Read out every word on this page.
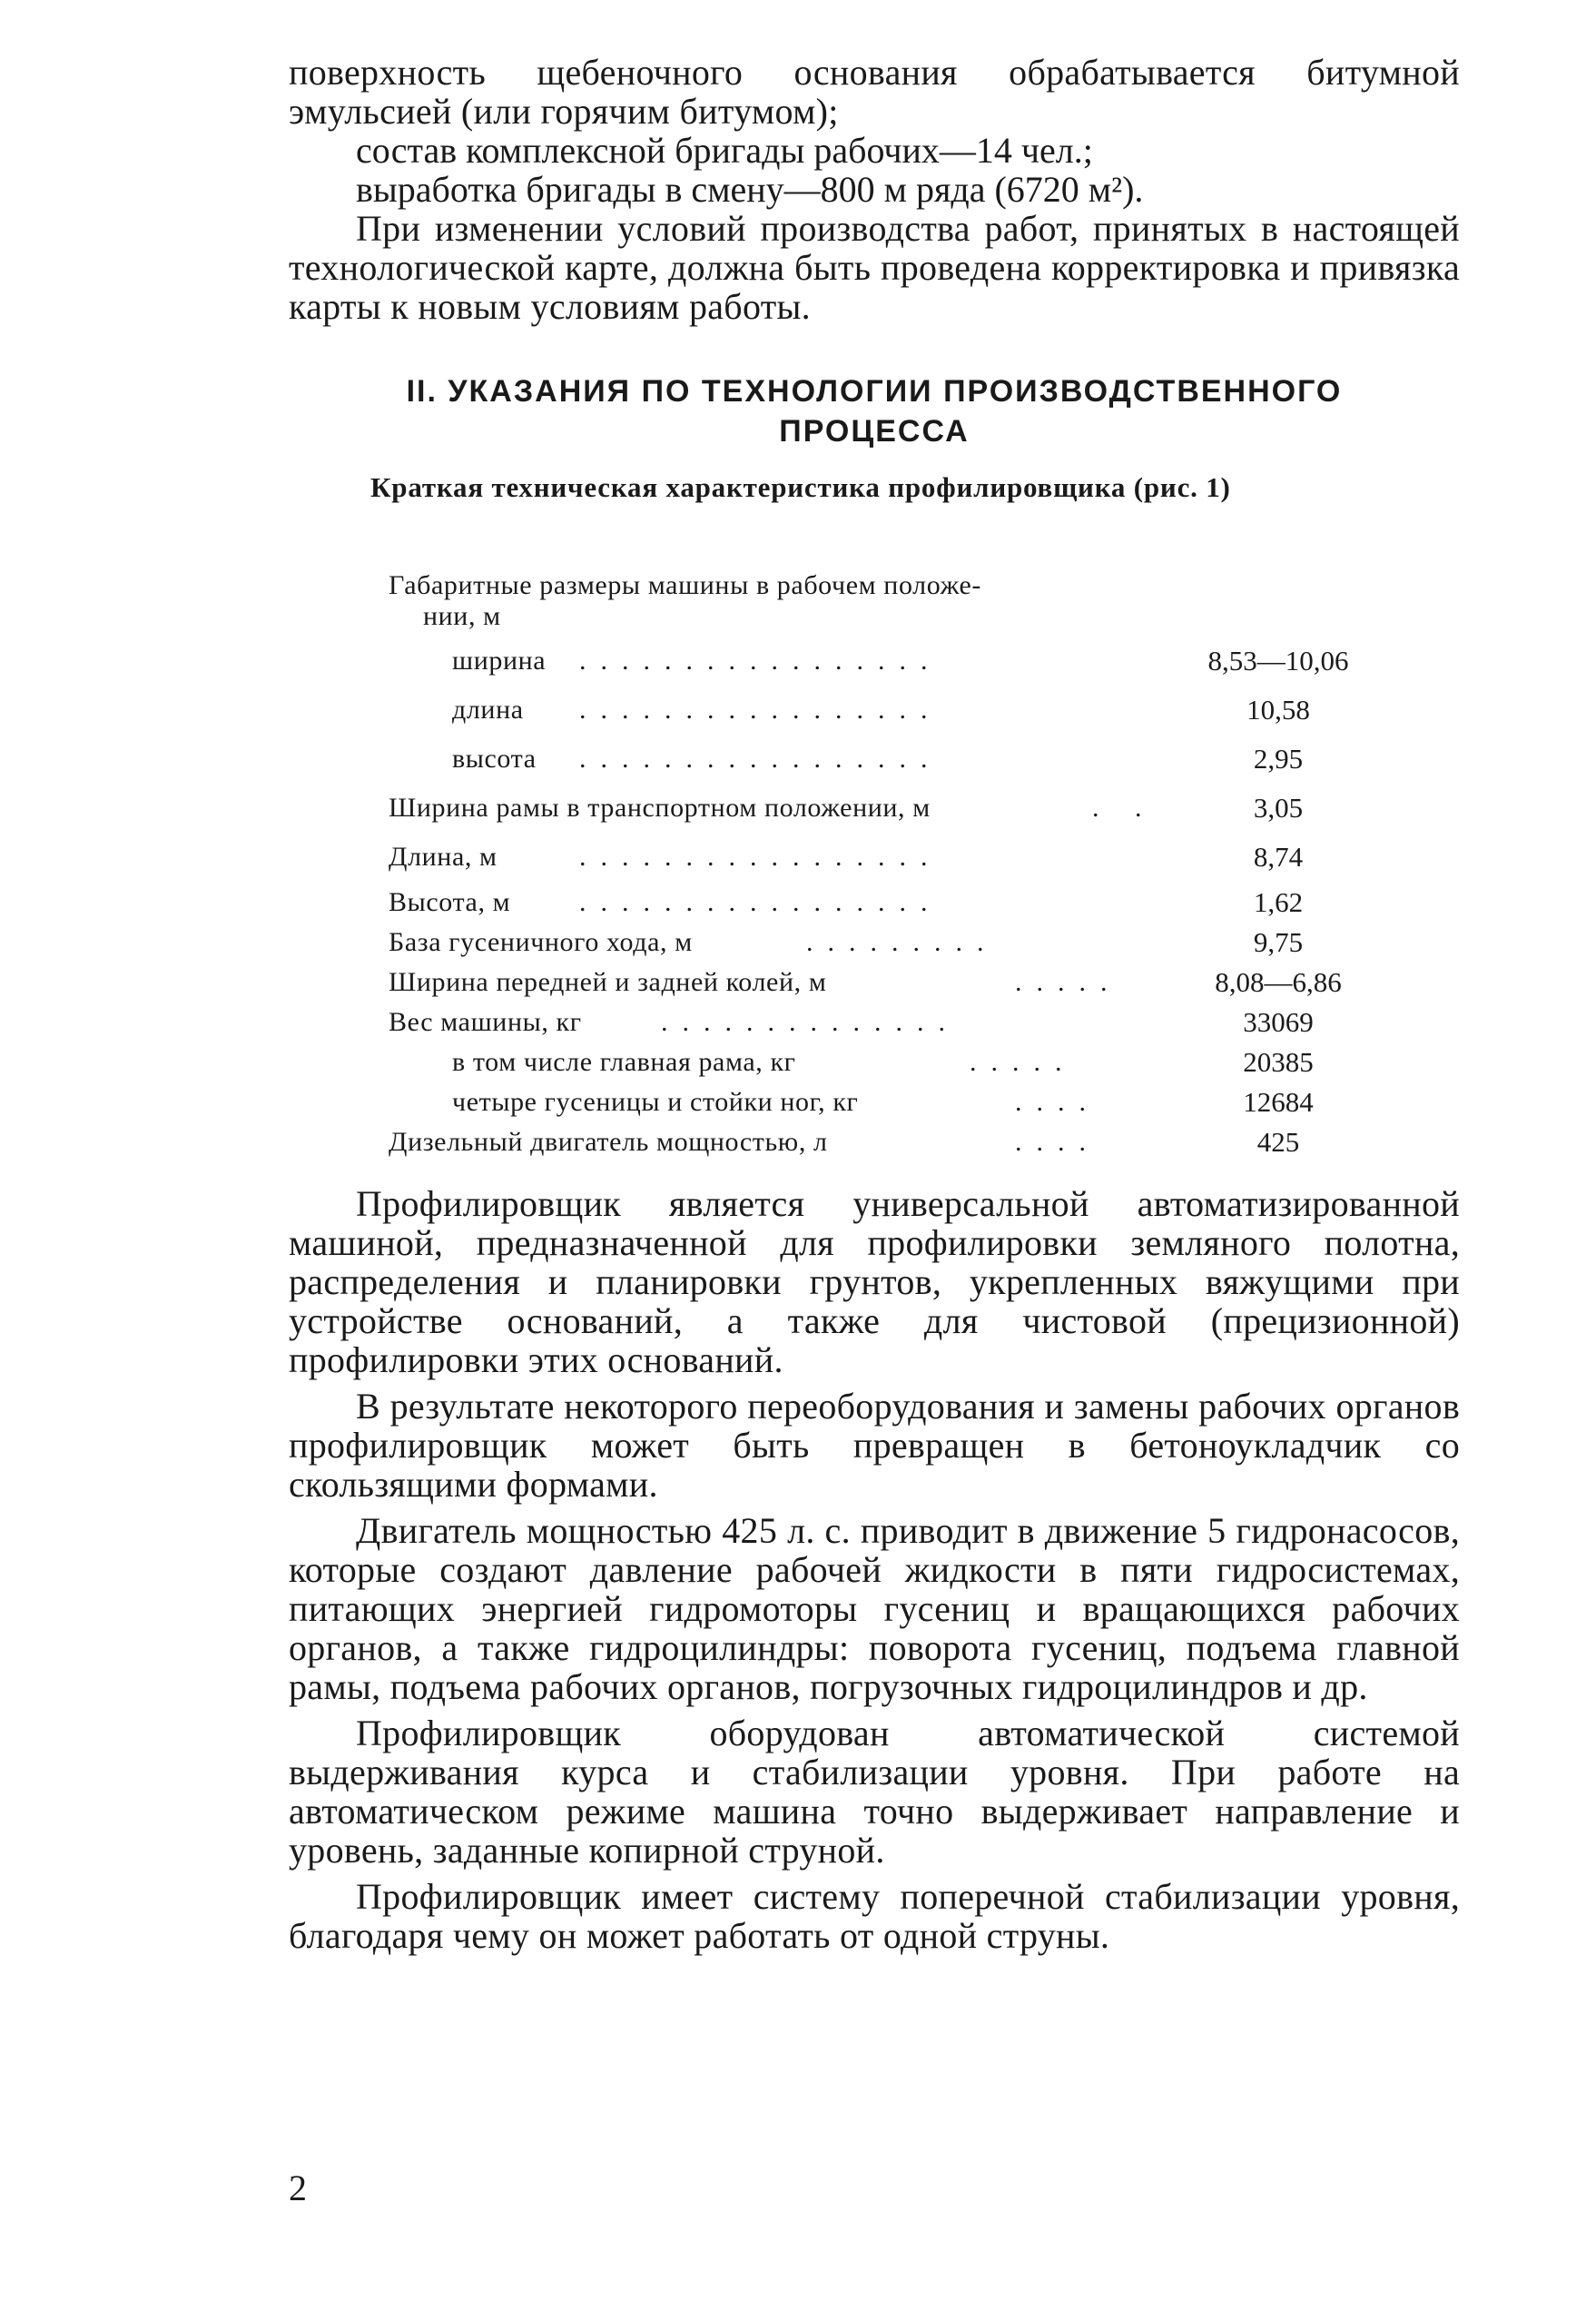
поверхность щебеночного основания обрабатывается битумной эмульсией (или горячим битумом);

состав комплексной бригады рабочих—14 чел.;

выработка бригады в смену—800 м ряда (6720 м²).

При изменении условий производства работ, принятых в настоящей технологической карте, должна быть проведена корректировка и привязка карты к новым условиям работы.

II. УКАЗАНИЯ ПО ТЕХНОЛОГИИ ПРОИЗВОДСТВЕННОГО

ПРОЦЕССА

Краткая техническая характеристика профилировщика (рис. 1)

Габаритные размеры машины в рабочем положе-
нии, м
ширина .................	8,53—10,06
длина .................	10,58
высота .................	2,95
Ширина рамы в транспортном положении, м	. .	3,05
Длина, м	.................	8,74
Высота, м	.................	1,62
База гусеничного хода, м	.........	9,75
Ширина передней и задней колей, м	.....	8,08—6,86
Вес машины, кг	..............	33069
в том числе главная рама, кг	.....	20385
четыре гусеницы и стойки ног, кг	....	12684
Дизельный двигатель мощностью, л	....	425

Профилировщик является универсальной автоматизированной машиной, предназначенной для профилировки земляного полотна, распределения и планировки грунтов, укрепленных вяжущими при устройстве оснований, а также для чистовой (прецизионной) профилировки этих оснований.

В результате некоторого переоборудования и замены рабочих органов профилировщик может быть превращен в бетоноукладчик со скользящими формами.

Двигатель мощностью 425 л. с. приводит в движение 5 гидронасосов, которые создают давление рабочей жидкости в пяти гидросистемах, питающих энергией гидромоторы гусениц и вращающихся рабочих органов, а также гидроцилиндры: поворота гусениц, подъема главной рамы, подъема рабочих органов, погрузочных гидроцилиндров и др.

Профилировщик оборудован автоматической системой выдерживания курса и стабилизации уровня. При работе на автоматическом режиме машина точно выдерживает направление и уровень, заданные копирной струной.

Профилировщик имеет систему поперечной стабилизации уровня, благодаря чему он может работать от одной струны.

2
